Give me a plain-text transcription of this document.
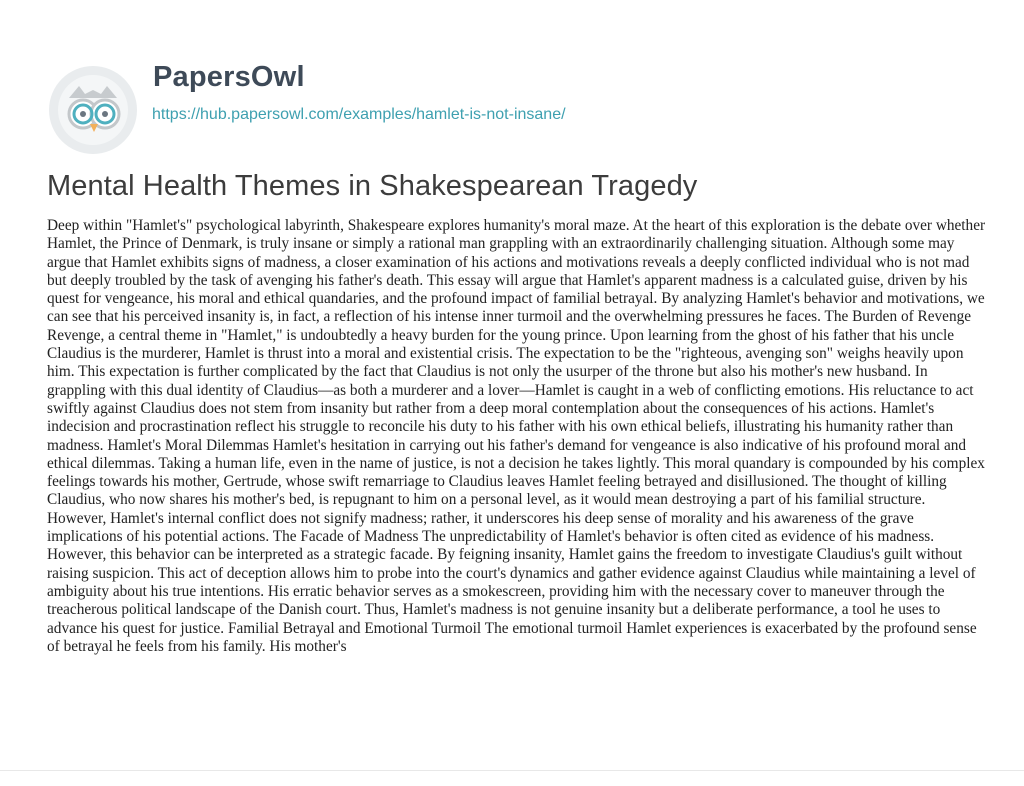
PapersOwl
https://hub.papersowl.com/examples/hamlet-is-not-insane/
Mental Health Themes in Shakespearean Tragedy

Deep within "Hamlet's" psychological labyrinth, Shakespeare explores humanity's moral maze. At the heart of this exploration is the debate over whether Hamlet, the Prince of Denmark, is truly insane or simply a rational man grappling with an extraordinarily challenging situation. Although some may argue that Hamlet exhibits signs of madness, a closer examination of his actions and motivations reveals a deeply conflicted individual who is not mad but deeply troubled by the task of avenging his father's death. This essay will argue that Hamlet's apparent madness is a calculated guise, driven by his quest for vengeance, his moral and ethical quandaries, and the profound impact of familial betrayal. By analyzing Hamlet's behavior and motivations, we can see that his perceived insanity is, in fact, a reflection of his intense inner turmoil and the overwhelming pressures he faces. The Burden of Revenge Revenge, a central theme in "Hamlet," is undoubtedly a heavy burden for the young prince. Upon learning from the ghost of his father that his uncle Claudius is the murderer, Hamlet is thrust into a moral and existential crisis. The expectation to be the "righteous, avenging son" weighs heavily upon him. This expectation is further complicated by the fact that Claudius is not only the usurper of the throne but also his mother's new husband. In grappling with this dual identity of Claudius—as both a murderer and a lover—Hamlet is caught in a web of conflicting emotions. His reluctance to act swiftly against Claudius does not stem from insanity but rather from a deep moral contemplation about the consequences of his actions. Hamlet's indecision and procrastination reflect his struggle to reconcile his duty to his father with his own ethical beliefs, illustrating his humanity rather than madness. Hamlet's Moral Dilemmas Hamlet's hesitation in carrying out his father's demand for vengeance is also indicative of his profound moral and ethical dilemmas. Taking a human life, even in the name of justice, is not a decision he takes lightly. This moral quandary is compounded by his complex feelings towards his mother, Gertrude, whose swift remarriage to Claudius leaves Hamlet feeling betrayed and disillusioned. The thought of killing Claudius, who now shares his mother's bed, is repugnant to him on a personal level, as it would mean destroying a part of his familial structure. However, Hamlet's internal conflict does not signify madness; rather, it underscores his deep sense of morality and his awareness of the grave implications of his potential actions. The Facade of Madness The unpredictability of Hamlet's behavior is often cited as evidence of his madness. However, this behavior can be interpreted as a strategic facade. By feigning insanity, Hamlet gains the freedom to investigate Claudius's guilt without raising suspicion. This act of deception allows him to probe into the court's dynamics and gather evidence against Claudius while maintaining a level of ambiguity about his true intentions. His erratic behavior serves as a smokescreen, providing him with the necessary cover to maneuver through the treacherous political landscape of the Danish court. Thus, Hamlet's madness is not genuine insanity but a deliberate performance, a tool he uses to advance his quest for justice. Familial Betrayal and Emotional Turmoil The emotional turmoil Hamlet experiences is exacerbated by the profound sense of betrayal he feels from his family. His mother's
